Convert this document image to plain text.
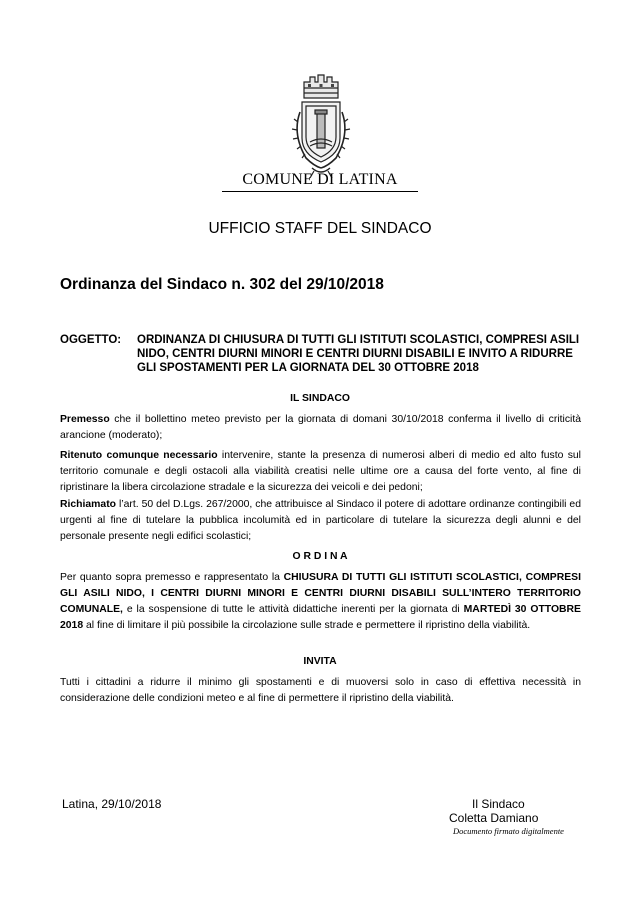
COMUNE DI LATINA
UFFICIO STAFF DEL SINDACO
Ordinanza del Sindaco n. 302 del 29/10/2018
OGGETTO: ORDINANZA DI CHIUSURA DI TUTTI GLI ISTITUTI SCOLASTICI, COMPRESI ASILI NIDO, CENTRI DIURNI MINORI E CENTRI DIURNI DISABILI E INVITO A RIDURRE GLI SPOSTAMENTI PER LA GIORNATA DEL 30 OTTOBRE 2018
IL SINDACO
Premesso che il bollettino meteo previsto per la giornata di domani 30/10/2018 conferma il livello di criticità arancione (moderato);
Ritenuto comunque necessario intervenire, stante la presenza di numerosi alberi di medio ed alto fusto sul territorio comunale e degli ostacoli alla viabilità creatisi nelle ultime ore a causa del forte vento, al fine di ripristinare la libera circolazione stradale e la sicurezza dei veicoli e dei pedoni;
Richiamato l’art. 50 del D.Lgs. 267/2000, che attribuisce al Sindaco il potere di adottare ordinanze contingibili ed urgenti al fine di tutelare la pubblica incolumità ed in particolare di tutelare la sicurezza degli alunni e del personale presente negli edifici scolastici;
O R D I N A
Per quanto sopra premesso e rappresentato la CHIUSURA DI TUTTI GLI ISTITUTI SCOLASTICI, COMPRESI GLI ASILI NIDO, I CENTRI DIURNI MINORI E CENTRI DIURNI DISABILI SULL’INTERO TERRITORIO COMUNALE, e la sospensione di tutte le attività didattiche inerenti per la giornata di MARTEDÌ 30 OTTOBRE 2018 al fine di limitare il più possibile la circolazione sulle strade e permettere il ripristino della viabilità.
INVITA
Tutti i cittadini a ridurre il minimo gli spostamenti e di muoversi solo in caso di effettiva necessità in considerazione delle condizioni meteo e al fine di permettere il ripristino della viabilità.
Latina, 29/10/2018	Il Sindaco
Coletta Damiano
Documento firmato digitalmente
